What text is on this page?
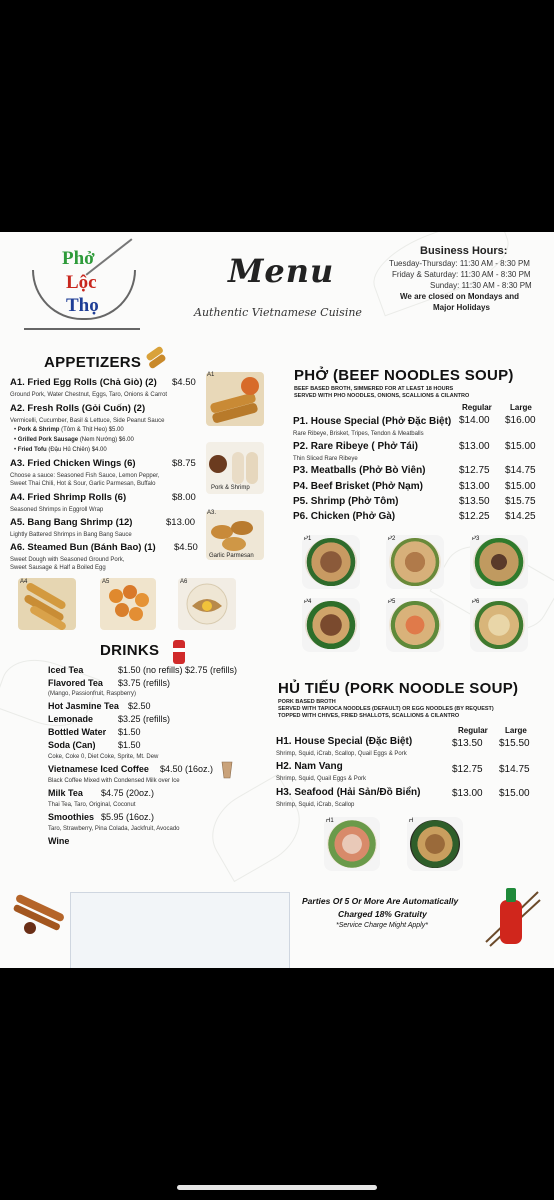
Phở
Lộc
Thọ
Menu
Authentic Vietnamese Cuisine
Business Hours:
Tuesday-Thursday: 11:30 AM - 8:30 PM
Friday & Saturday: 11:30 AM - 8:30 PM
Sunday: 11:30 AM - 8:30 PM
We are closed on Mondays and
Major Holidays
APPETIZERS
A1. Fried Egg Rolls (Chả Giò) (2) $4.50
Ground Pork, Water Chestnut, Eggs, Taro, Onions & Carrot
A2. Fresh Rolls (Gỏi Cuốn) (2)
Vermicelli, Cucumber, Basil & Lettuce, Side Peanut Sauce
• Pork & Shrimp (Tôm & Thịt Heo) $5.00
• Grilled Pork Sausage (Nem Nướng) $6.00
• Fried Tofu (Đậu Hủ Chiên) $4.00
A3. Fried Chicken Wings (6)	$8.75
Choose a sauce: Seasoned Fish Sauce, Lemon Pepper,
Sweet Thai Chili, Hot & Sour, Garlic Parmesan, Buffalo
A4. Fried Shrimp Rolls (6)	$8.00
Seasoned Shrimps in Eggroll Wrap
A5. Bang Bang Shrimp (12)	$13.00
Lightly Battered Shrimps in Bang Bang Sauce
A6. Steamed Bun (Bánh Bao) (1) $4.50
Sweet Dough with Seasoned Ground Pork,
Sweet Sausage & Half a Boiled Egg
A1
Pork & Shrimp
A3.
Garlic Parmesan
A4	A5	A6
DRINKS
Iced Tea	$1.50 (no refills) $2.75 (refills)
Flavored Tea $3.75 (refills)
(Mango, Passionfruit, Raspberry)
Hot Jasmine Tea $2.50
Lemonade	$3.25 (refills)
Bottled Water $1.50
Soda (Can) $1.50
Coke, Coke 0, Diet Coke, Sprite, Mt. Dew
Vietnamese Iced Coffee $4.50 (16oz.)
Black Coffee Mixed with Condensed Milk over Ice
Milk Tea $4.75 (20oz.)
Thai Tea, Taro, Original, Coconut
Smoothies $5.95 (16oz.)
Taro, Strawberry, Pina Colada, Jackfruit, Avocado
Wine
PHỞ (BEEF NOODLES SOUP)
BEEF BASED BROTH, SIMMERED FOR AT LEAST 18 HOURS
SERVED WITH PHO NOODLES, ONIONS, SCALLIONS & CILANTRO
Regular Large
P1. House Special (Phở Đặc Biệt) $14.00 $16.00
Rare Ribeye, Brisket, Tripes, Tendon & Meatballs
P2. Rare Ribeye ( Phở Tái)	$13.00 $15.00
Thin Sliced Rare Ribeye
P3. Meatballs (Phở Bò Viên)	$12.75 $14.75
P4. Beef Brisket (Phở Nạm)	$13.00 $15.00
P5. Shrimp (Phở Tôm)	$13.50 $15.75
P6. Chicken (Phở Gà)	$12.25 $14.25
P1	P2	P3
P4	P5	P6
HỦ TIẾU (PORK NOODLE SOUP)
PORK BASED BROTH
SERVED WITH TAPIOCA NOODLES (DEFAULT) OR EGG NOODLES (BY REQUEST)
TOPPED WITH CHIVES, FRIED SHALLOTS, SCALLIONS & CILANTRO
Regular Large
H1. House Special (Đặc Biệt)	$13.50 $15.50
Shrimp, Squid, iCrab, Scallop, Quail Eggs & Pork
H2. Nam Vang	$12.75 $14.75
Shrimp, Squid, Quail Eggs & Pork
H3. Seafood (Hải Sản/Đồ Biển)	$13.00 $15.00
Shrimp, Squid, iCrab, Scallop
H1	H
Parties Of 5 Or More Are Automatically
Charged 18% Gratuity
*Service Charge Might Apply*
